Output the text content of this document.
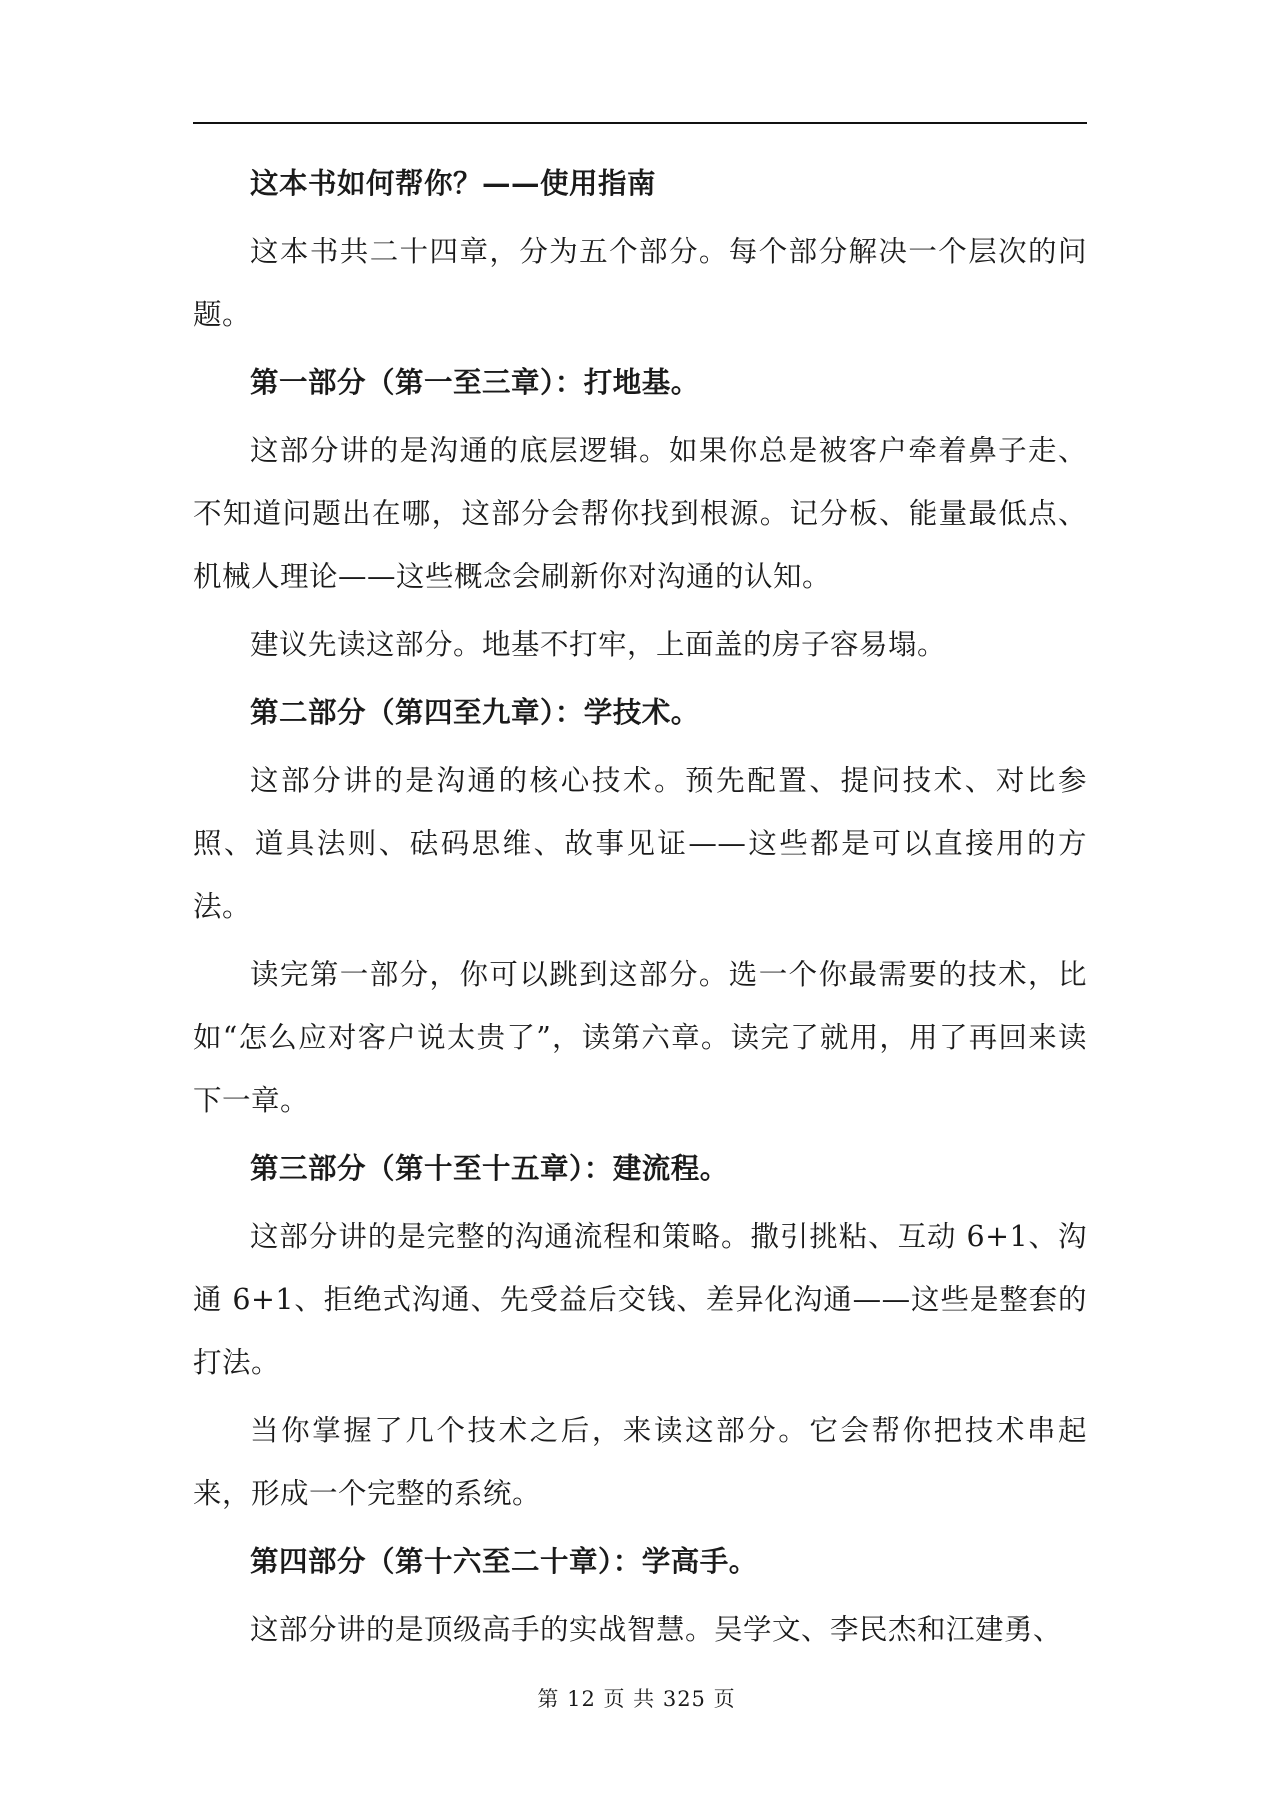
这本书如何帮你？——使用指南
这本书共二十四章，分为五个部分。每个部分解决一个层次的问题。
第一部分（第一至三章）：打地基。
这部分讲的是沟通的底层逻辑。如果你总是被客户牵着鼻子走、不知道问题出在哪，这部分会帮你找到根源。记分板、能量最低点、机械人理论——这些概念会刷新你对沟通的认知。
建议先读这部分。地基不打牢，上面盖的房子容易塌。
第二部分（第四至九章）：学技术。
这部分讲的是沟通的核心技术。预先配置、提问技术、对比参照、道具法则、砝码思维、故事见证——这些都是可以直接用的方法。
读完第一部分，你可以跳到这部分。选一个你最需要的技术，比如“怎么应对客户说太贵了”，读第六章。读完了就用，用了再回来读下一章。
第三部分（第十至十五章）：建流程。
这部分讲的是完整的沟通流程和策略。撒引挑粘、互动 6+1、沟通 6+1、拒绝式沟通、先受益后交钱、差异化沟通——这些是整套的打法。
当你掌握了几个技术之后，来读这部分。它会帮你把技术串起来，形成一个完整的系统。
第四部分（第十六至二十章）：学高手。
这部分讲的是顶级高手的实战智慧。吴学文、李民杰和江建勇、
第 12 页 共 325 页
